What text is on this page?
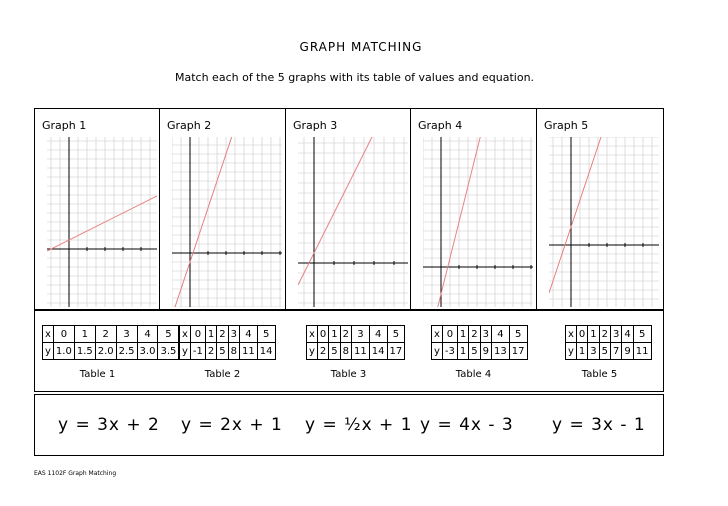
GRAPH MATCHING
Match each of the 5 graphs with its table of values and equation.
Graph 1	Graph 2	Graph 3	Graph 4	Graph 5
x	0	1	2	3	4	5
y	1.0	1.5	2.0	2.5	3.0	3.5
Table 1
x	0	1	2	3	4	5
y	-1	2	5	8	11	14
Table 2
x	0	1	2	3	4	5
y	2	5	8	11	14	17
Table 3
x	0	1	2	3	4	5
y	-3	1	5	9	13	17
Table 4
x	0	1	2	3	4	5
y	1	3	5	7	9	11
Table 5
y = 3x + 2 y = 2x + 1 y = ½x + 1 y = 4x - 3 y = 3x - 1
EAS 1102F Graph Matching
